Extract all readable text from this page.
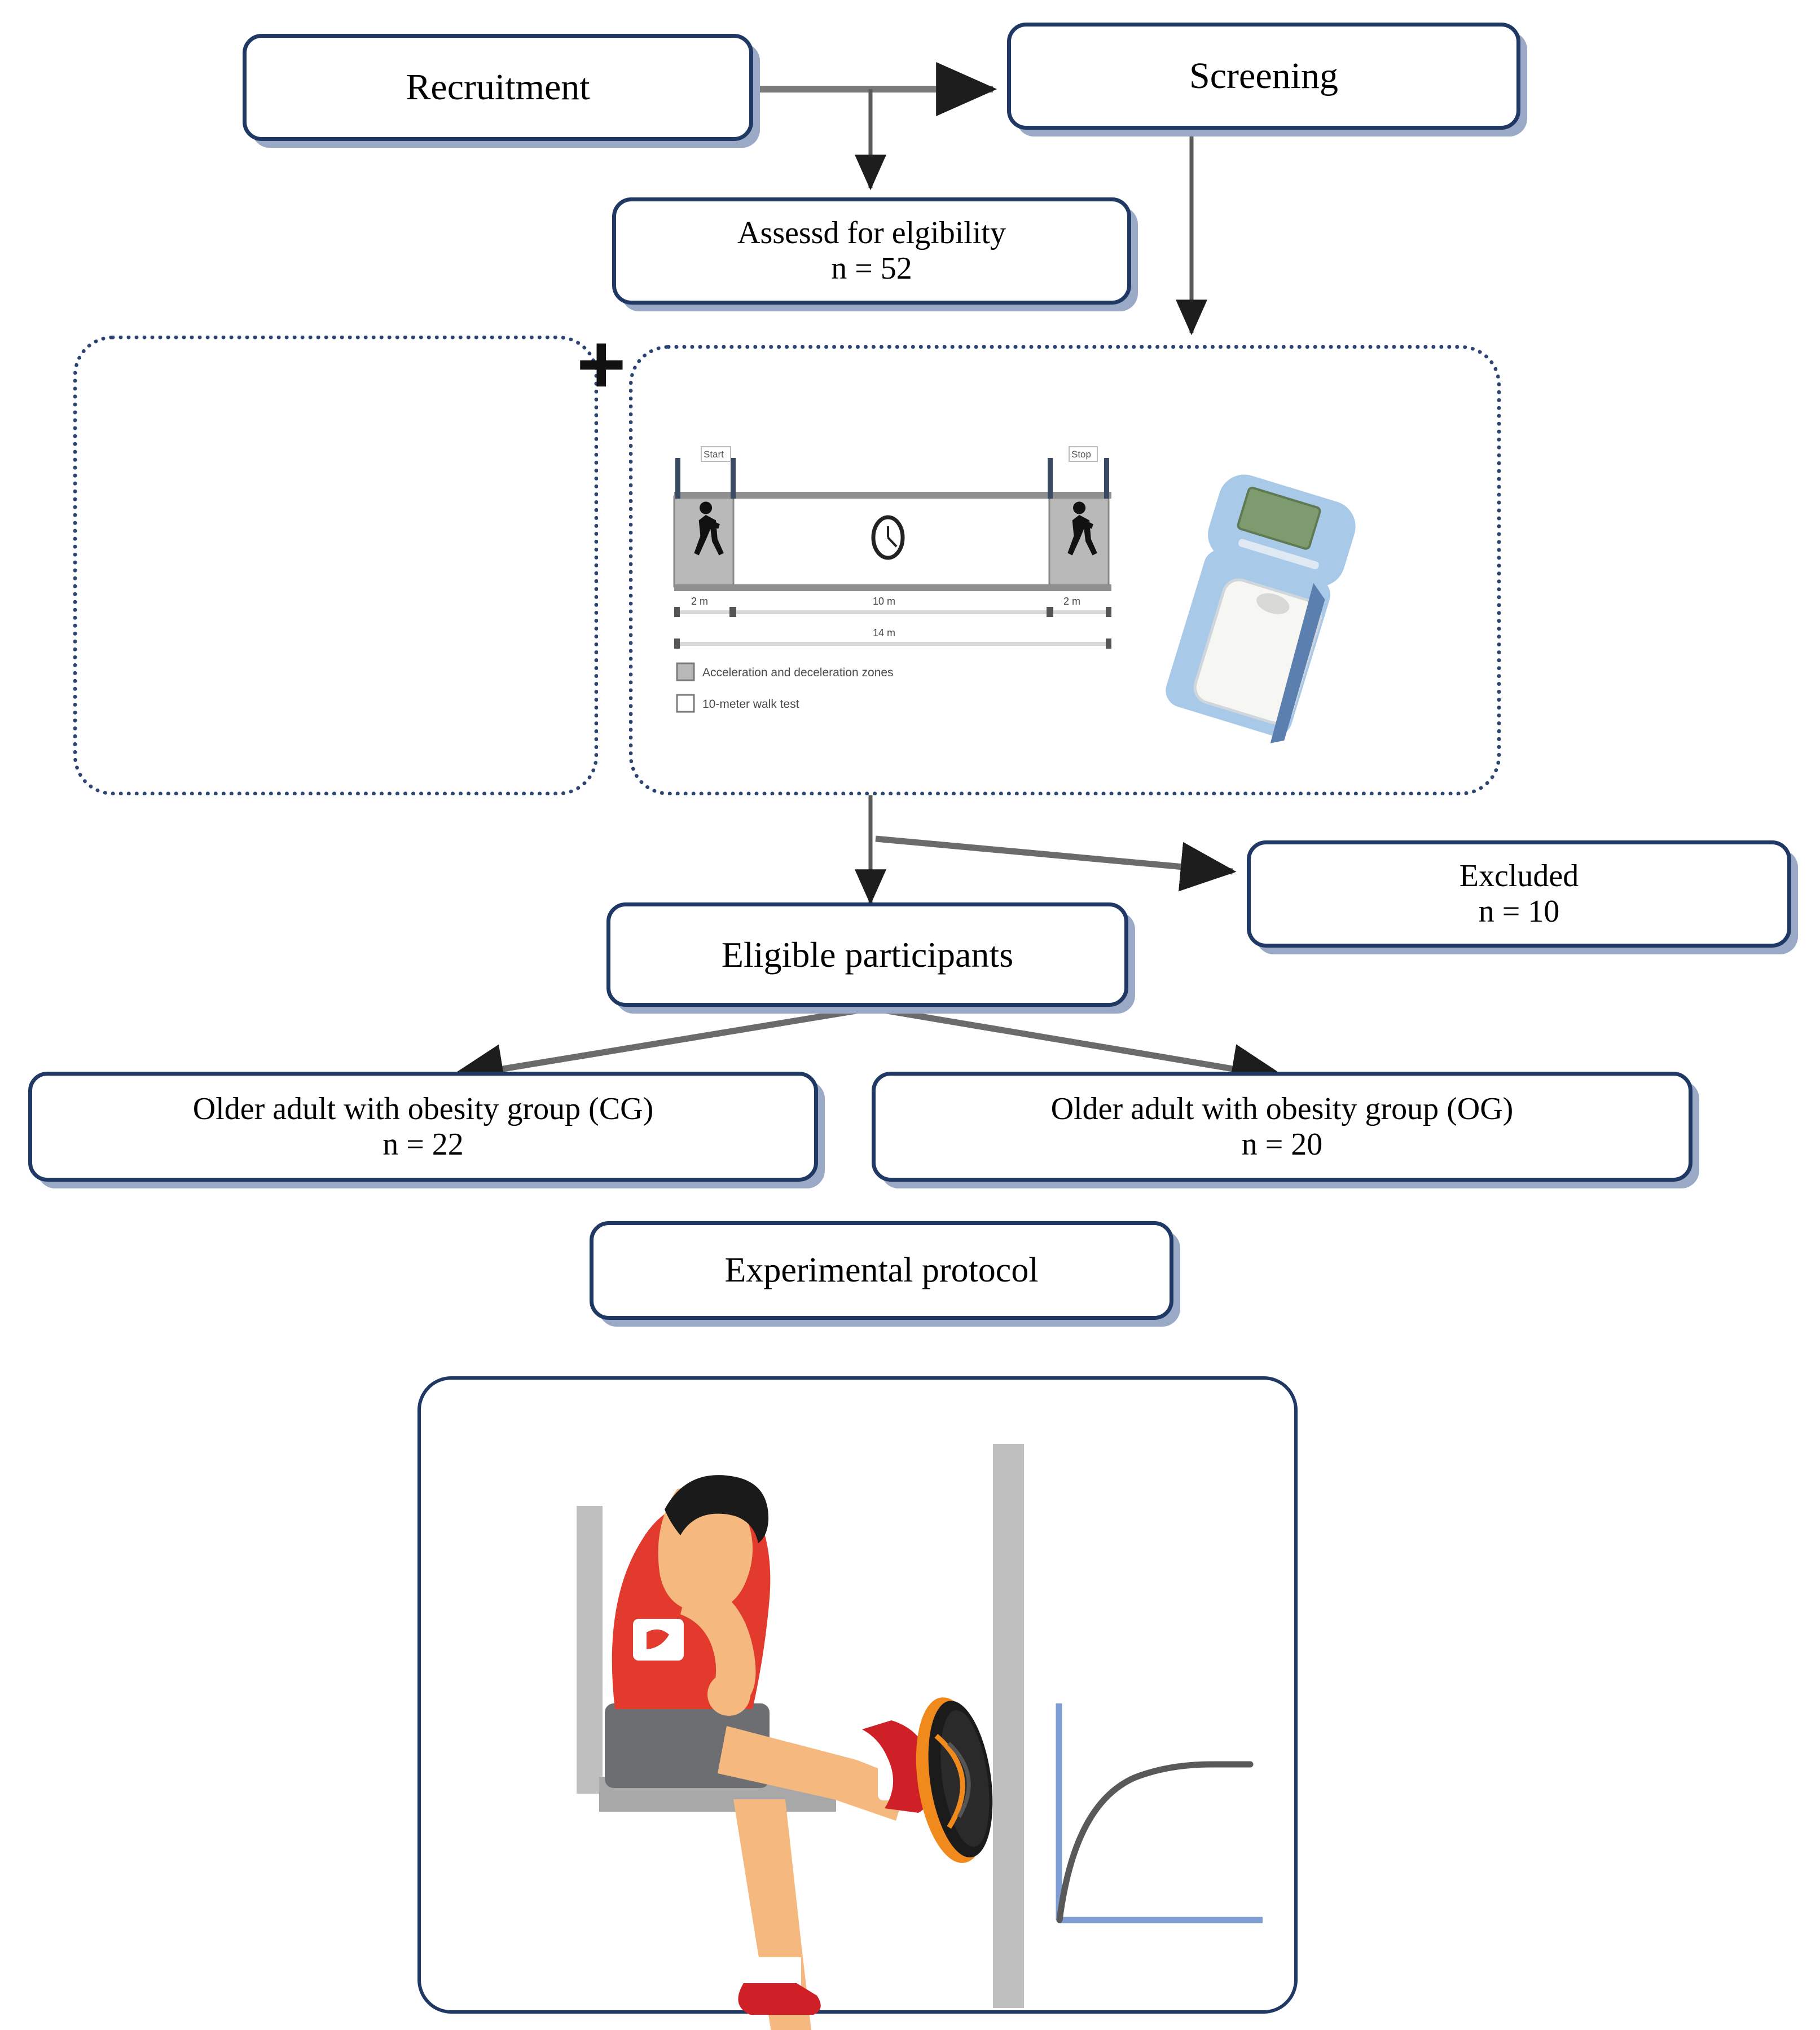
Recruitment	Screening
Assessd for elgibility
n = 52
+
Start	Stop
2 m	10 m	2 m
14 m
Acceleration and deceleration zones
10-meter walk test
Excluded
n = 10
Eligible participants
Older adult with obesity group (CG)
n = 22
Older adult with obesity group (OG)
n = 20
Experimental protocol
